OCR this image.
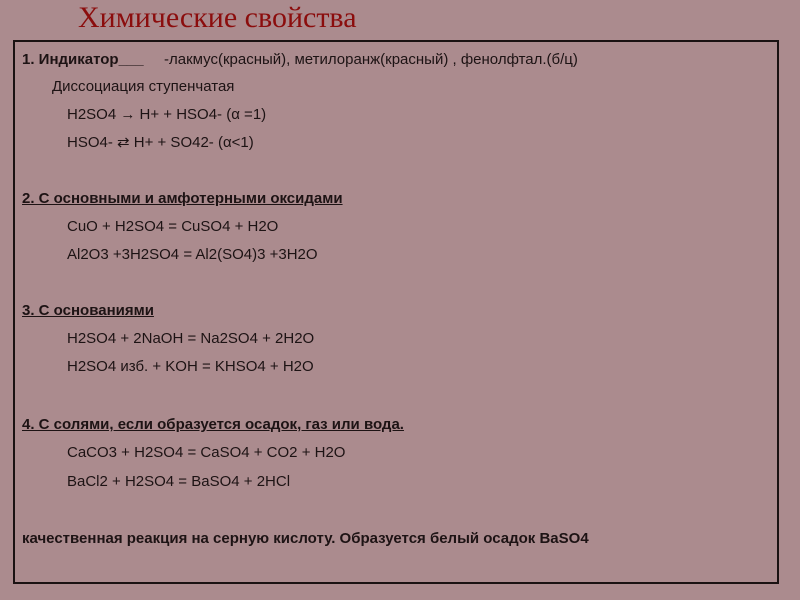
Химические свойства
1. Индикатор___ -лакмус(красный), метилоранж(красный) , фенолфтал.(б/ц)
Диссоциация ступенчатая
H2SO4 → H+ + HSO4- (α =1)
HSO4- ⇄ H+ + SO42- (α<1)
2. С основными и амфотерными оксидами
CuO + H2SO4 = CuSO4 + H2O
Al2O3 +3H2SO4 = Al2(SO4)3 +3H2O
3. С основаниями
H2SO4 + 2NaOH = Na2SO4 + 2H2O
H2SO4 изб. + KOH = KHSO4 + H2O
4. С солями, если образуется осадок, газ или вода.
CaCO3 + H2SO4 = CaSO4 + CO2 + H2O
BaCl2 + H2SO4 = BaSO4 + 2HCl
качественная реакция на серную кислоту. Образуется белый осадок BaSO4
